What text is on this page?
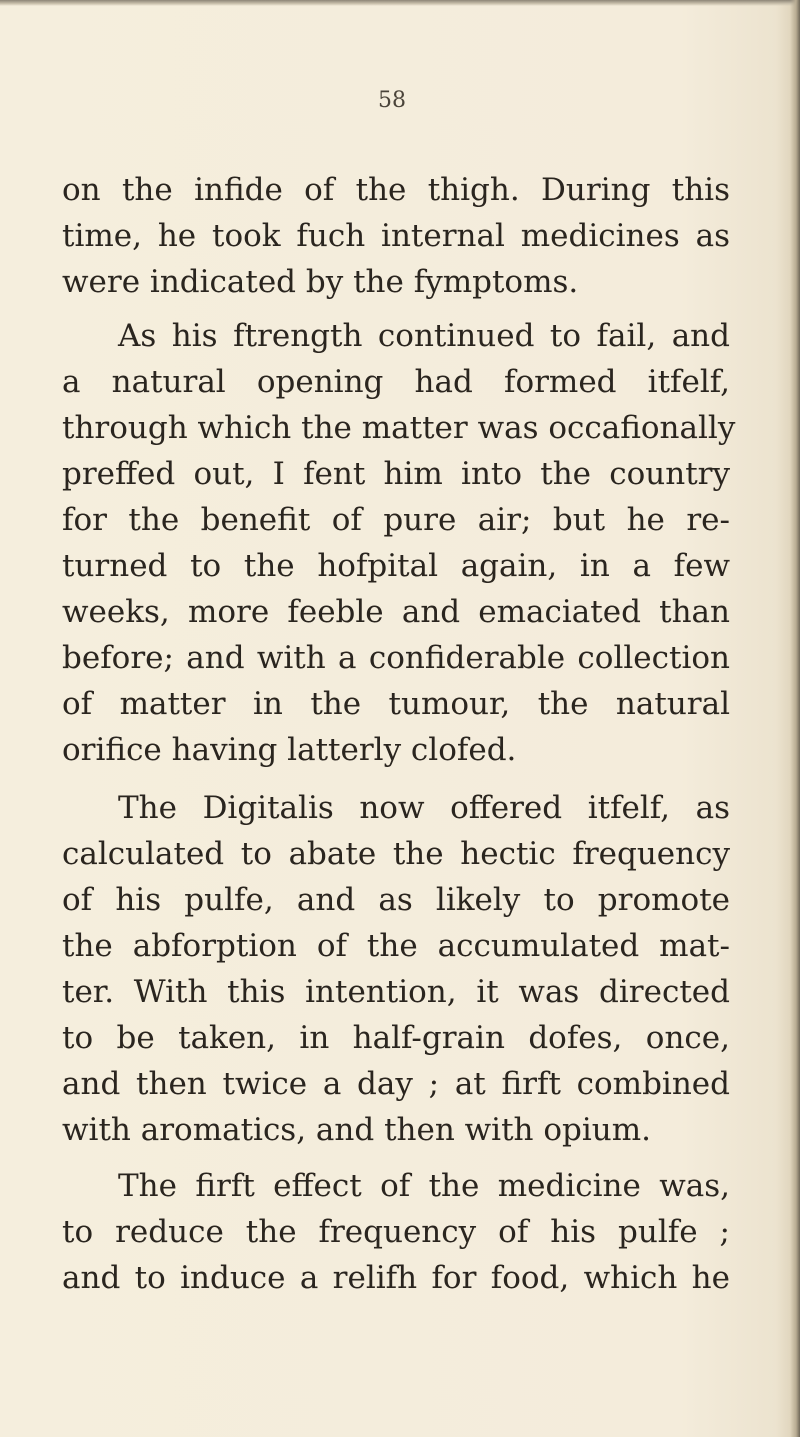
58
on the infide of the thigh. During this
time, he took fuch internal medicines as
were indicated by the fymptoms.
As his ftrength continued to fail, and
a natural opening had formed itfelf,
through which the matter was occafionally
preffed out, I fent him into the country
for the benefit of pure air; but he re-
turned to the hofpital again, in a few
weeks, more feeble and emaciated than
before; and with a confiderable collection
of matter in the tumour, the natural
orifice having latterly clofed.
The Digitalis now offered itfelf, as
calculated to abate the hectic frequency
of his pulfe, and as likely to promote
the abforption of the accumulated mat-
ter. With this intention, it was directed
to be taken, in half-grain dofes, once,
and then twice a day ; at firft combined
with aromatics, and then with opium.
The firft effect of the medicine was,
to reduce the frequency of his pulfe ;
and to induce a relifh for food, which he
